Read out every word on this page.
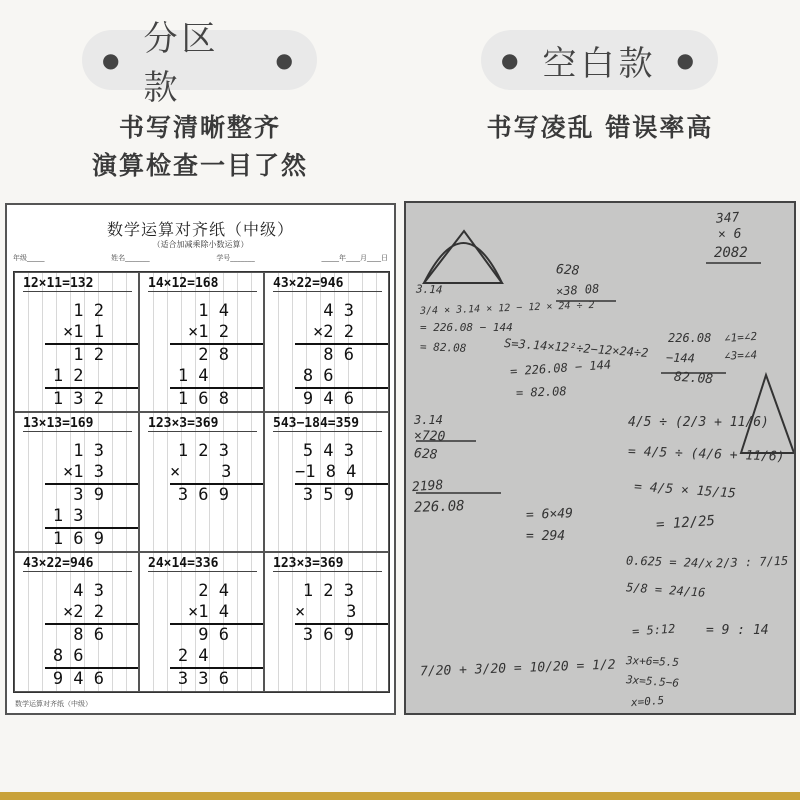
●
分区款
●	● 空白款 ●
书写清晰整齐
演算检查一目了然
书写凌乱 错误率高
数学运算对齐纸（中级）
（适合加减乘除小数运算）
年级_____	姓名_______	学号_______	_____年____月____日
12×11=132
1 2
×1 1
1 2
1 2
1 3 2
14×12=168
1 4
×1 2
2 8
1 4
1 6 8
43×22=946
4 3
×2 2
8 6
8 6
9 4 6
13×13=169
1 3
×1 3
3 9
1 3
1 6 9
123×3=369
1 2 3
×    3
3 6 9
543−184=359
5 4 3
−1 8 4
3 5 9
43×22=946
4 3
×2 2
8 6
8 6
9 4 6
24×14=336
2 4
×1 4
9 6
2 4
3 3 6
123×3=369
1 2 3
×    3
3 6 9
数学运算对齐纸（中级）
347
× 6
2082
3.14
628
×38 08
3/4 × 3.14 × 12 − 12 × 24 ÷ 2
= 226.08 − 144
= 82.08	S=3.14×12²÷2−12×24÷2
= 226.08 − 144
= 82.08
226.08
−144
82.08
∠1=∠2
∠3=∠4
3.14
×720
628
2198
226.08
4/5 ÷ (2/3 + 11/6)
= 4/5 ÷ (4/6 + 11/6)
= 4/5 × 15/15
= 12/25
= 6×49
= 294
0.625 = 24/x
5/8 = 24/16
= 5:12
2/3 : 7/15
= 9 : 14
3x+6=5.5
3x=5.5−6
x=0.5
7/20 + 3/20 = 10/20 = 1/2
